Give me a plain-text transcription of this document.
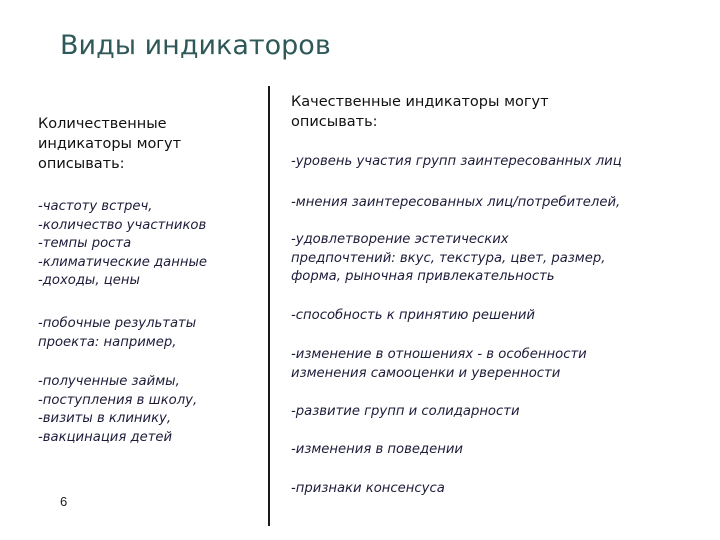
Виды индикаторов
Количественные
индикаторы могут
описывать:
-частоту встреч,
-количество участников
-темпы роста
-климатические данные
-доходы, цены
-побочные результаты
проекта: например,
-полученные займы,
-поступления в школу,
-визиты в клинику,
-вакцинация детей
Качественные индикаторы могут
описывать:
-уровень участия групп заинтересованных лиц
-мнения заинтересованных лиц/потребителей,
-удовлетворение эстетических
предпочтений: вкус, текстура, цвет, размер,
форма, рыночная привлекательность
-способность к принятию решений
-изменение в отношениях - в особенности
изменения самооценки и уверенности
-развитие групп и солидарности
-изменения в поведении
-признаки консенсуса
6
